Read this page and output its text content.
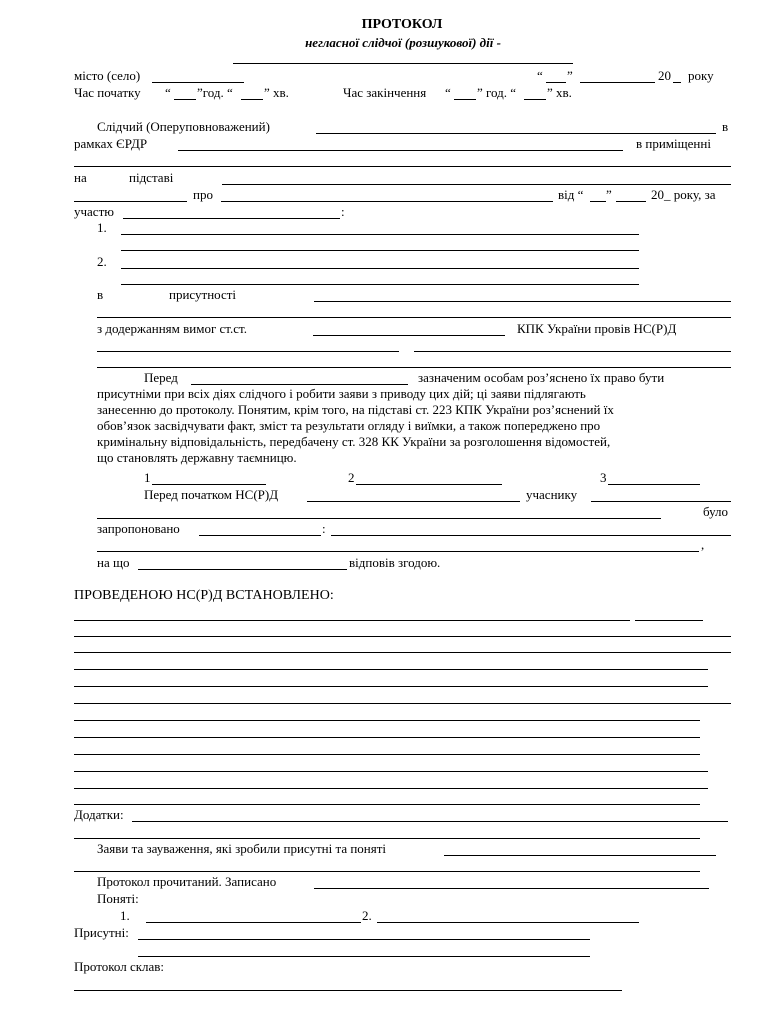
ПРОТОКОЛ
негласної слідчої (розшукової) дії -
місто (село)	“ ”	20 року
Час початку “ ”год. “ ” хв.	Час закінчення “ ” год. “ ” хв.
Слідчий (Оперуповноважений)	в
рамках ЄРДР	в приміщенні
на	підставі
про	від “ ”	20_ року, за
участю	:
1.
2.
в	присутності
з додержанням вимог ст.ст.	КПК України провів НС(Р)Д
Перед	зазначеним особам роз’яснено їх право бути
присутніми при всіх діях слідчого і робити заяви з приводу цих дій; ці заяви підлягають
занесенню до протоколу. Понятим, крім того, на підставі ст. 223 КПК України роз’яснений їх
обов’язок засвідчувати факт, зміст та результати огляду і виїмки, а також попереджено про
кримінальну відповідальність, передбачену ст. 328 КК України за розголошення відомостей,
що становлять державну таємницю.
1	2	3
Перед початком НС(Р)Д	учаснику
було
запропоновано	:
,
на що	відповів згодою.
ПРОВЕДЕНОЮ НС(Р)Д ВСТАНОВЛЕНО:
Додатки:
Заяви та зауваження, які зробили присутні та поняті
Протокол прочитаний. Записано
Поняті:
1.	2.
Присутні:
Протокол склав:
